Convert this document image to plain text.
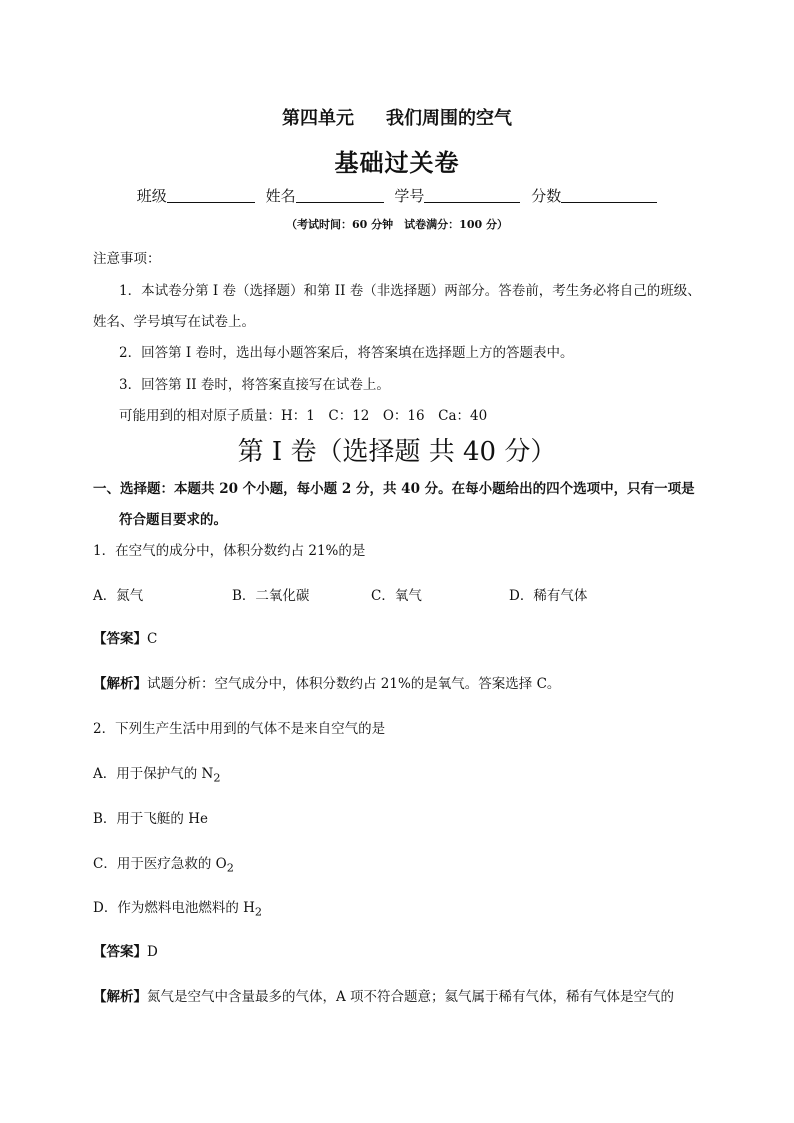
第四单元 我们周围的空气
基础过关卷
班级	姓名	学号	分数
（考试时间：60 分钟　试卷满分：100 分）
注意事项：
1．本试卷分第 I 卷（选择题）和第 II 卷（非选择题）两部分。答卷前，考生务必将自己的班级、
姓名、学号填写在试卷上。
2．回答第 I 卷时，选出每小题答案后，将答案填在选择题上方的答题表中。
3．回答第 II 卷时，将答案直接写在试卷上。
可能用到的相对原子质量：H：1　C：12　O：16　Ca：40
第 I 卷（选择题 共 40 分）
一、选择题：本题共 20 个小题，每小题 2 分，共 40 分。在每小题给出的四个选项中，只有一项是
符合题目要求的。
1．在空气的成分中，体积分数约占 21%的是
A．氮气	B．二氧化碳	C．氧气	D．稀有气体
【答案】C
【解析】试题分析：空气成分中，体积分数约占 21%的是氧气。答案选择 C。
2．下列生产生活中用到的气体不是来自空气的是
A．用于保护气的 $N_2$
B．用于飞艇的 He
C．用于医疗急救的 $O_2$
D．作为燃料电池燃料的 $H_2$
【答案】D
【解析】氮气是空气中含量最多的气体，A 项不符合题意；氦气属于稀有气体，稀有气体是空气的
